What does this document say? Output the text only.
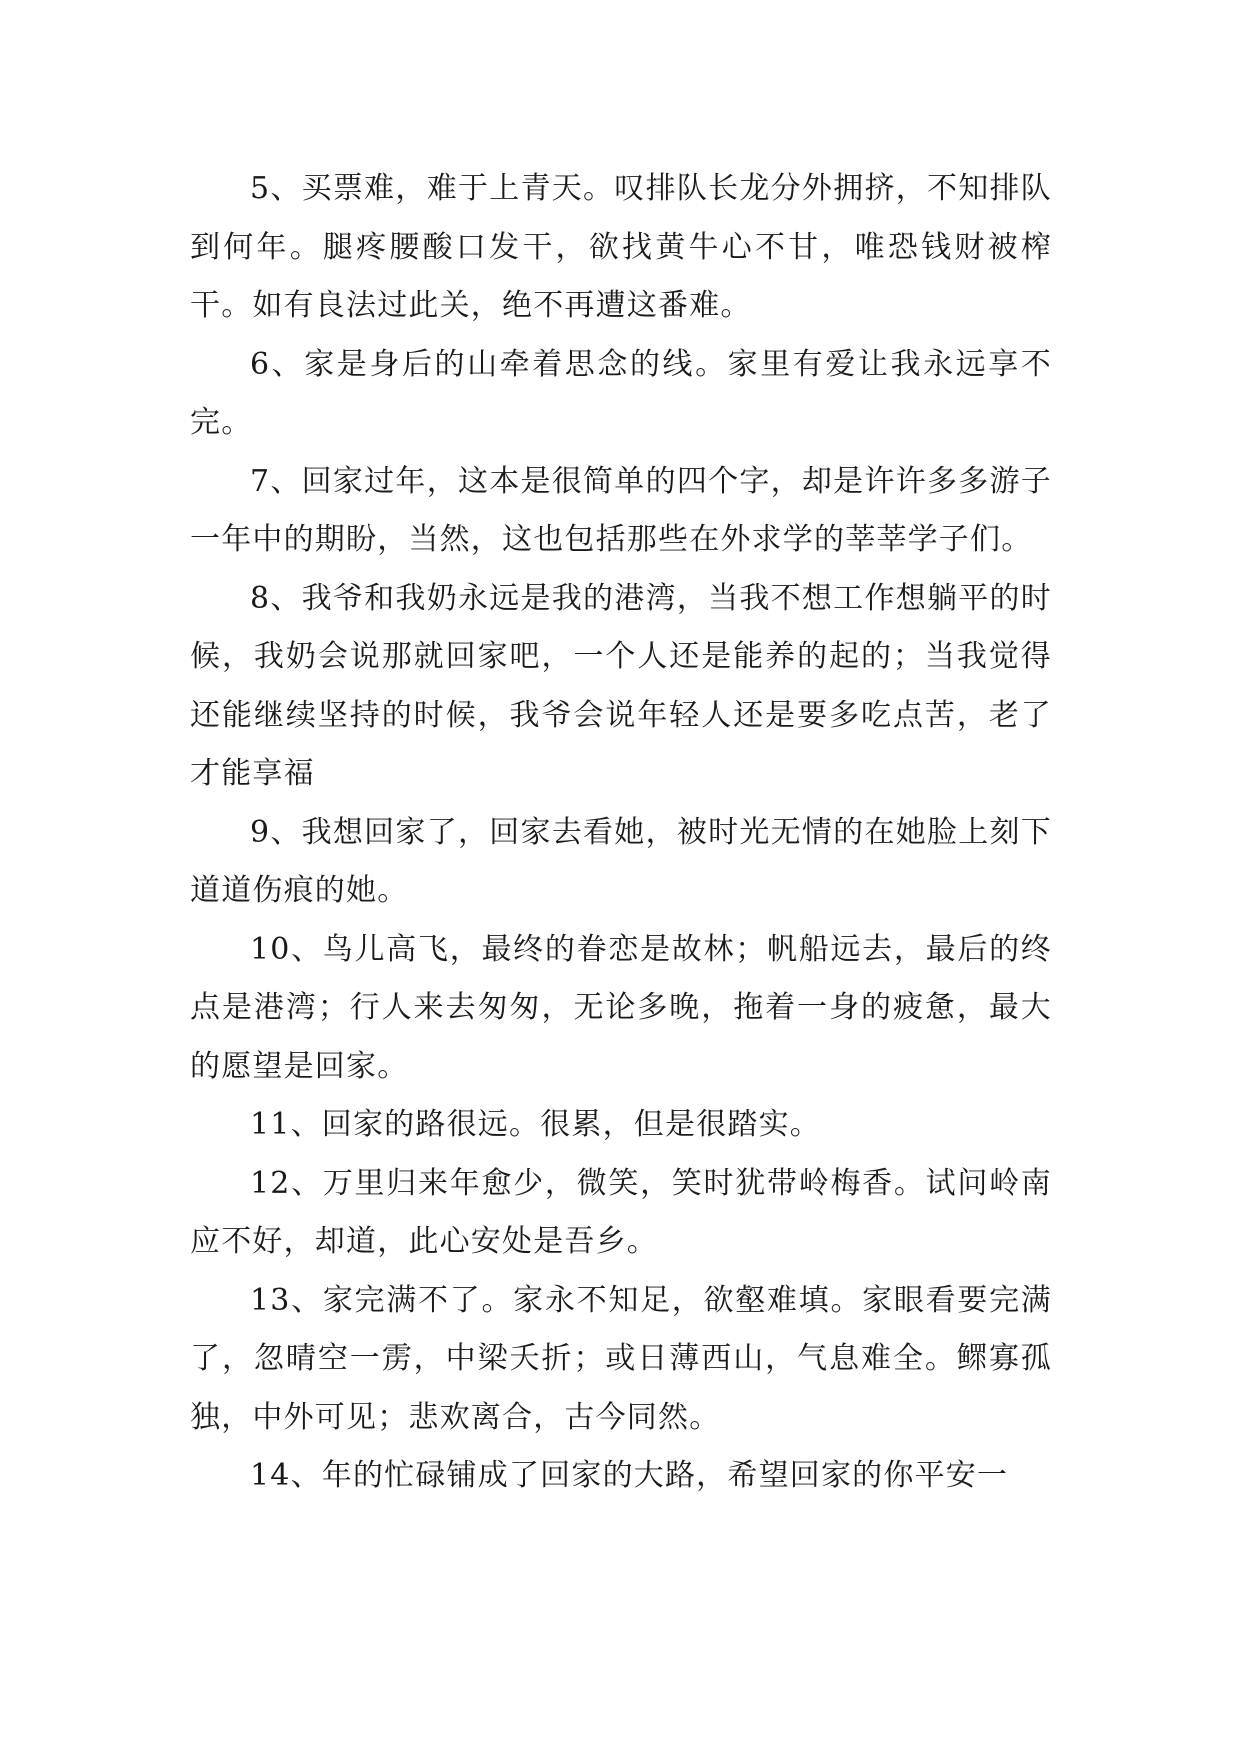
5、买票难，难于上青天。叹排队长龙分外拥挤，不知排队到何年。腿疼腰酸口发干，欲找黄牛心不甘，唯恐钱财被榨干。如有良法过此关，绝不再遭这番难。

6、家是身后的山牵着思念的线。家里有爱让我永远享不完。

7、回家过年，这本是很简单的四个字，却是许许多多游子一年中的期盼，当然，这也包括那些在外求学的莘莘学子们。

8、我爷和我奶永远是我的港湾，当我不想工作想躺平的时候，我奶会说那就回家吧，一个人还是能养的起的；当我觉得还能继续坚持的时候，我爷会说年轻人还是要多吃点苦，老了才能享福

9、我想回家了，回家去看她，被时光无情的在她脸上刻下道道伤痕的她。

10、鸟儿高飞，最终的眷恋是故林；帆船远去，最后的终点是港湾；行人来去匆匆，无论多晚，拖着一身的疲惫，最大的愿望是回家。

11、回家的路很远。很累，但是很踏实。

12、万里归来年愈少，微笑，笑时犹带岭梅香。试问岭南应不好，却道，此心安处是吾乡。

13、家完满不了。家永不知足，欲壑难填。家眼看要完满了，忽晴空一雳，中梁夭折；或日薄西山，气息难全。鳏寡孤独，中外可见；悲欢离合，古今同然。

14、年的忙碌铺成了回家的大路，希望回家的你平安一
